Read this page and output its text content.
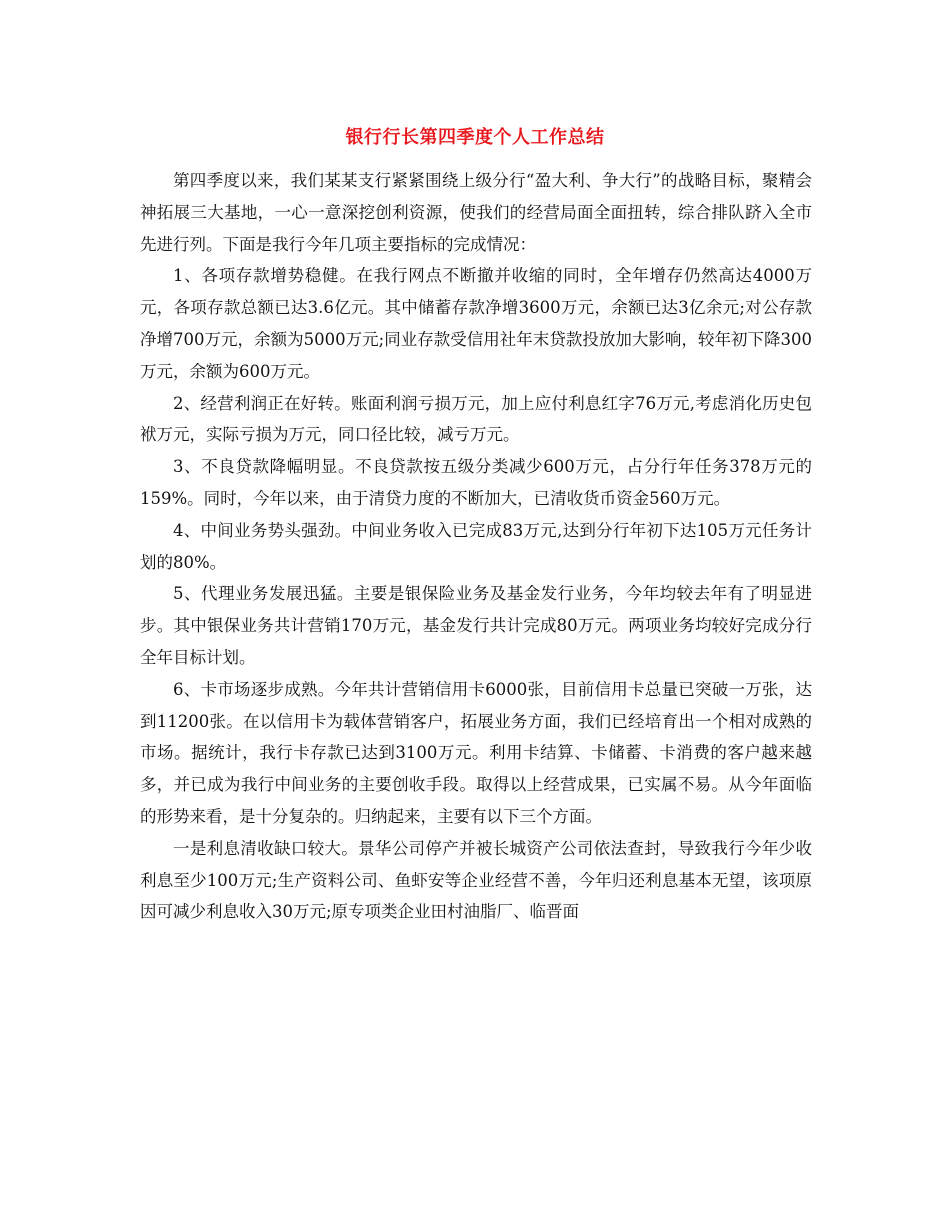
银行行长第四季度个人工作总结

第四季度以来，我们某某支行紧紧围绕上级分行“盈大利、争大行”的战略目标，聚精会神拓展三大基地，一心一意深挖创利资源，使我们的经营局面全面扭转，综合排队跻入全市先进行列。下面是我行今年几项主要指标的完成情况：

1、各项存款增势稳健。在我行网点不断撤并收缩的同时，全年增存仍然高达4000万元，各项存款总额已达3.6亿元。其中储蓄存款净增3600万元，余额已达3亿余元;对公存款净增700万元，余额为5000万元;同业存款受信用社年末贷款投放加大影响，较年初下降300万元，余额为600万元。

2、经营利润正在好转。账面利润亏损万元，加上应付利息红字76万元,考虑消化历史包袱万元，实际亏损为万元，同口径比较，减亏万元。

3、不良贷款降幅明显。不良贷款按五级分类减少600万元，占分行年任务378万元的159%。同时，今年以来，由于清贷力度的不断加大，已清收货币资金560万元。

4、中间业务势头强劲。中间业务收入已完成83万元,达到分行年初下达105万元任务计划的80%。

5、代理业务发展迅猛。主要是银保险业务及基金发行业务，今年均较去年有了明显进步。其中银保业务共计营销170万元，基金发行共计完成80万元。两项业务均较好完成分行全年目标计划。

6、卡市场逐步成熟。今年共计营销信用卡6000张，目前信用卡总量已突破一万张，达到11200张。在以信用卡为载体营销客户，拓展业务方面，我们已经培育出一个相对成熟的市场。据统计，我行卡存款已达到3100万元。利用卡结算、卡储蓄、卡消费的客户越来越多，并已成为我行中间业务的主要创收手段。取得以上经营成果，已实属不易。从今年面临的形势来看，是十分复杂的。归纳起来，主要有以下三个方面。

一是利息清收缺口较大。景华公司停产并被长城资产公司依法查封，导致我行今年少收利息至少100万元;生产资料公司、鱼虾安等企业经营不善，今年归还利息基本无望，该项原因可减少利息收入30万元;原专项类企业田村油脂厂、临晋面
